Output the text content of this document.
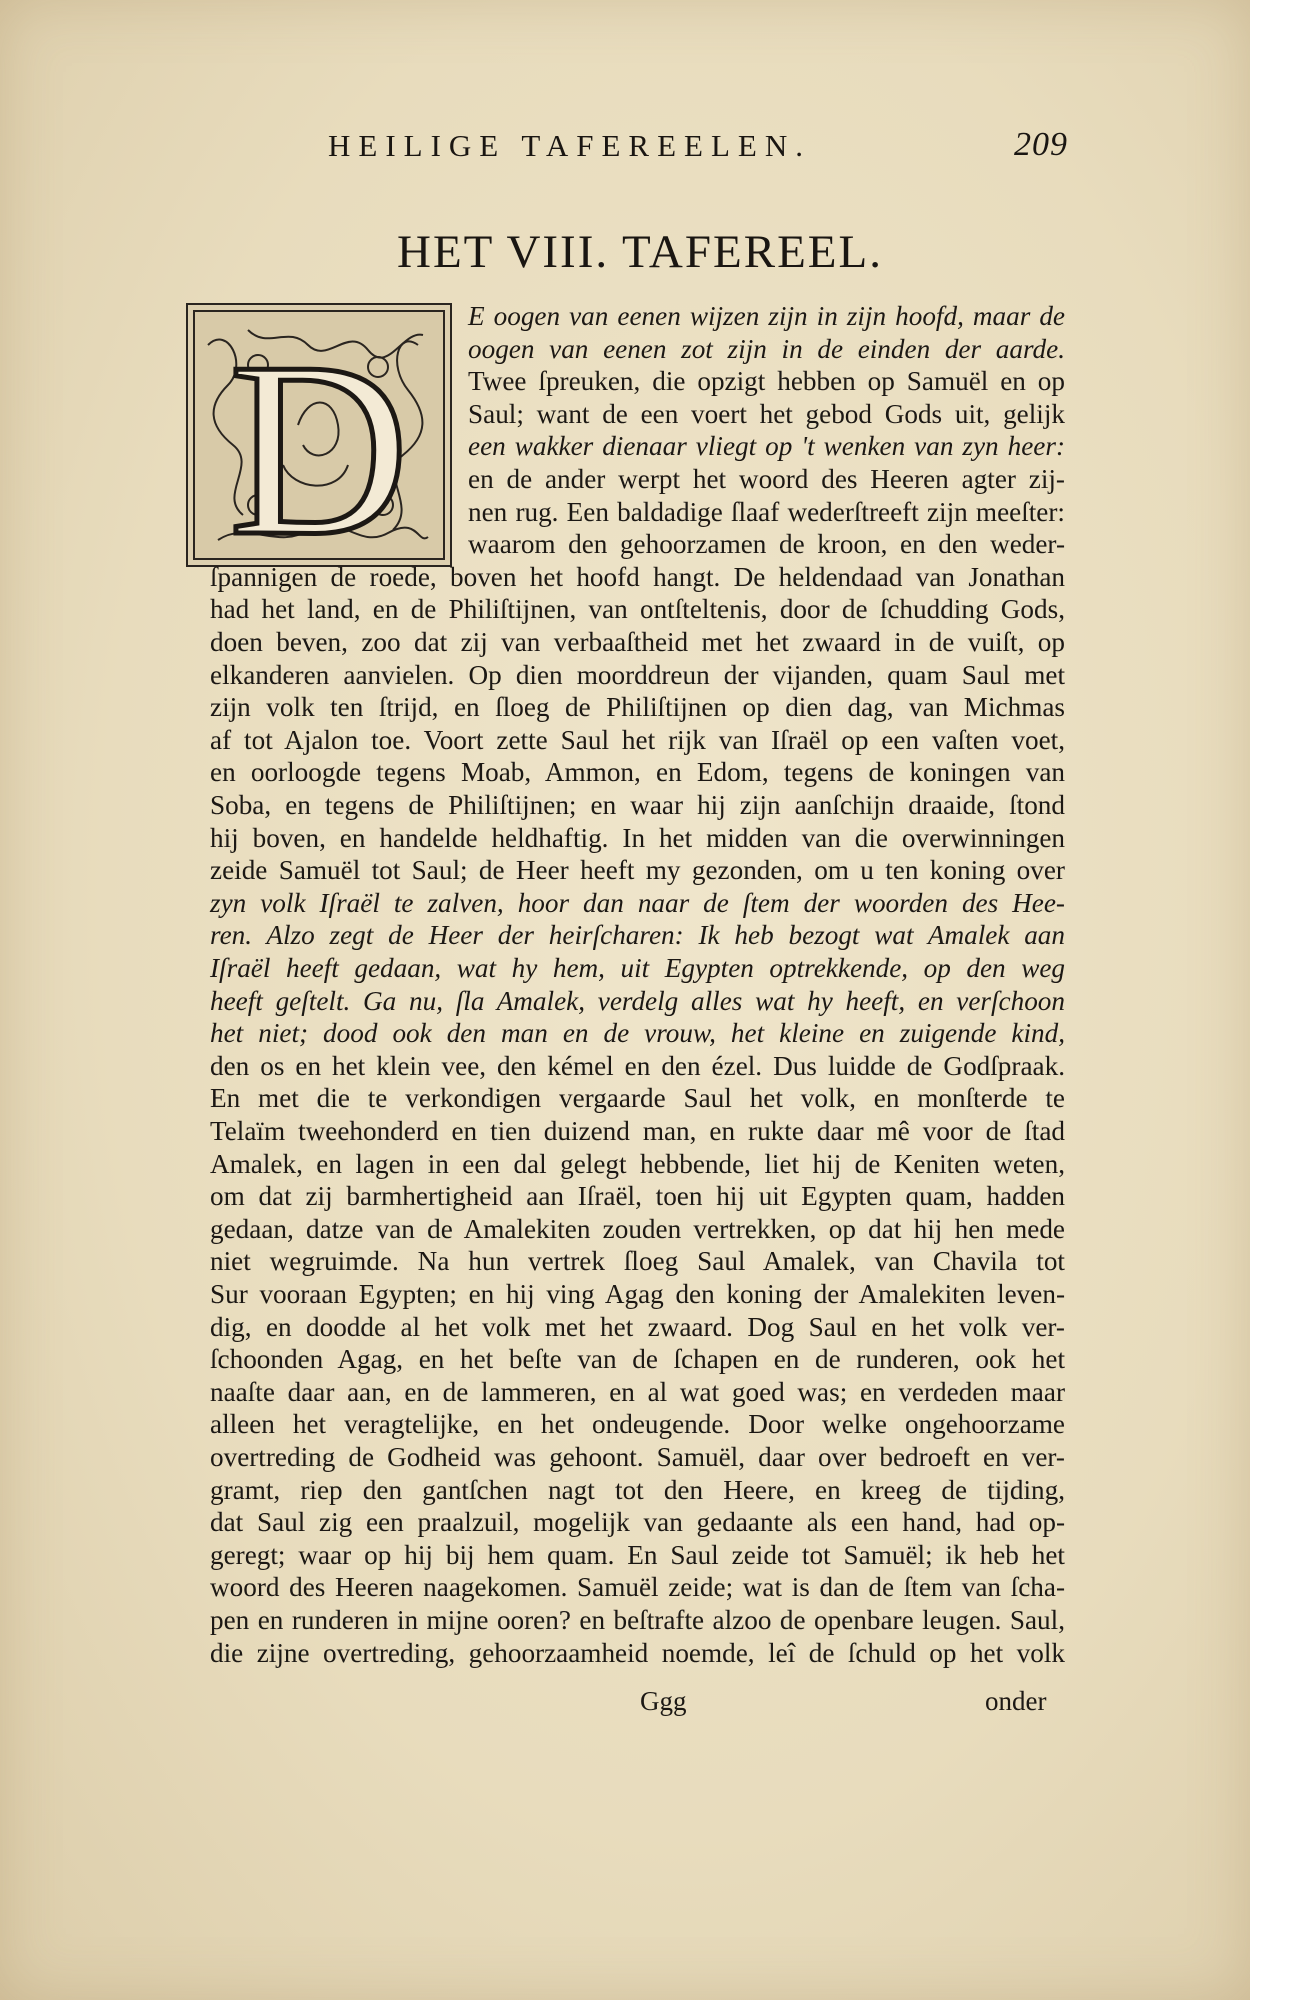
HEILIGE TAFEREELEN.	209
HET VIII. TAFEREEL.
D E oogen van eenen wijzen zijn in zijn hoofd, maar de
oogen van eenen zot zijn in de einden der aarde.
Twee ſpreuken, die opzigt hebben op Samuël en op
Saul; want de een voert het gebod Gods uit, gelijk
een wakker dienaar vliegt op 't wenken van zyn heer:
en de ander werpt het woord des Heeren agter zij-
nen rug. Een baldadige ſlaaf wederſtreeft zijn meeſter:
waarom den gehoorzamen de kroon, en den weder-
ſpannigen de roede, boven het hoofd hangt. De heldendaad van Jonathan
had het land, en de Philiſtijnen, van ontſteltenis, door de ſchudding Gods,
doen beven, zoo dat zij van verbaaſtheid met het zwaard in de vuiſt, op
elkanderen aanvielen. Op dien moorddreun der vijanden, quam Saul met
zijn volk ten ſtrijd, en ſloeg de Philiſtijnen op dien dag, van Michmas
af tot Ajalon toe. Voort zette Saul het rijk van Iſraël op een vaſten voet,
en oorloogde tegens Moab, Ammon, en Edom, tegens de koningen van
Soba, en tegens de Philiſtijnen; en waar hij zijn aanſchijn draaide, ſtond
hij boven, en handelde heldhaftig. In het midden van die overwinningen
zeide Samuël tot Saul; de Heer heeft my gezonden, om u ten koning over
zyn volk Iſraël te zalven, hoor dan naar de ſtem der woorden des Hee-
ren. Alzo zegt de Heer der heirſcharen: Ik heb bezogt wat Amalek aan
Iſraël heeft gedaan, wat hy hem, uit Egypten optrekkende, op den weg
heeft geſtelt. Ga nu, ſla Amalek, verdelg alles wat hy heeft, en verſchoon
het niet; dood ook den man en de vrouw, het kleine en zuigende kind,
den os en het klein vee, den kémel en den ézel. Dus luidde de Godſpraak.
En met die te verkondigen vergaarde Saul het volk, en monſterde te
Telaïm tweehonderd en tien duizend man, en rukte daar mê voor de ſtad
Amalek, en lagen in een dal gelegt hebbende, liet hij de Keniten weten,
om dat zij barmhertigheid aan Iſraël, toen hij uit Egypten quam, hadden
gedaan, datze van de Amalekiten zouden vertrekken, op dat hij hen mede
niet wegruimde. Na hun vertrek ſloeg Saul Amalek, van Chavila tot
Sur vooraan Egypten; en hij ving Agag den koning der Amalekiten leven-
dig, en doodde al het volk met het zwaard. Dog Saul en het volk ver-
ſchoonden Agag, en het beſte van de ſchapen en de runderen, ook het
naaſte daar aan, en de lammeren, en al wat goed was; en verdeden maar
alleen het veragtelijke, en het ondeugende. Door welke ongehoorzame
overtreding de Godheid was gehoont. Samuël, daar over bedroeft en ver-
gramt, riep den gantſchen nagt tot den Heere, en kreeg de tijding,
dat Saul zig een praalzuil, mogelijk van gedaante als een hand, had op-
geregt; waar op hij bij hem quam. En Saul zeide tot Samuël; ik heb het
woord des Heeren naagekomen. Samuël zeide; wat is dan de ſtem van ſcha-
pen en runderen in mijne ooren? en beſtrafte alzoo de openbare leugen. Saul,
die zijne overtreding, gehoorzaamheid noemde, leî de ſchuld op het volk
Ggg	onder
